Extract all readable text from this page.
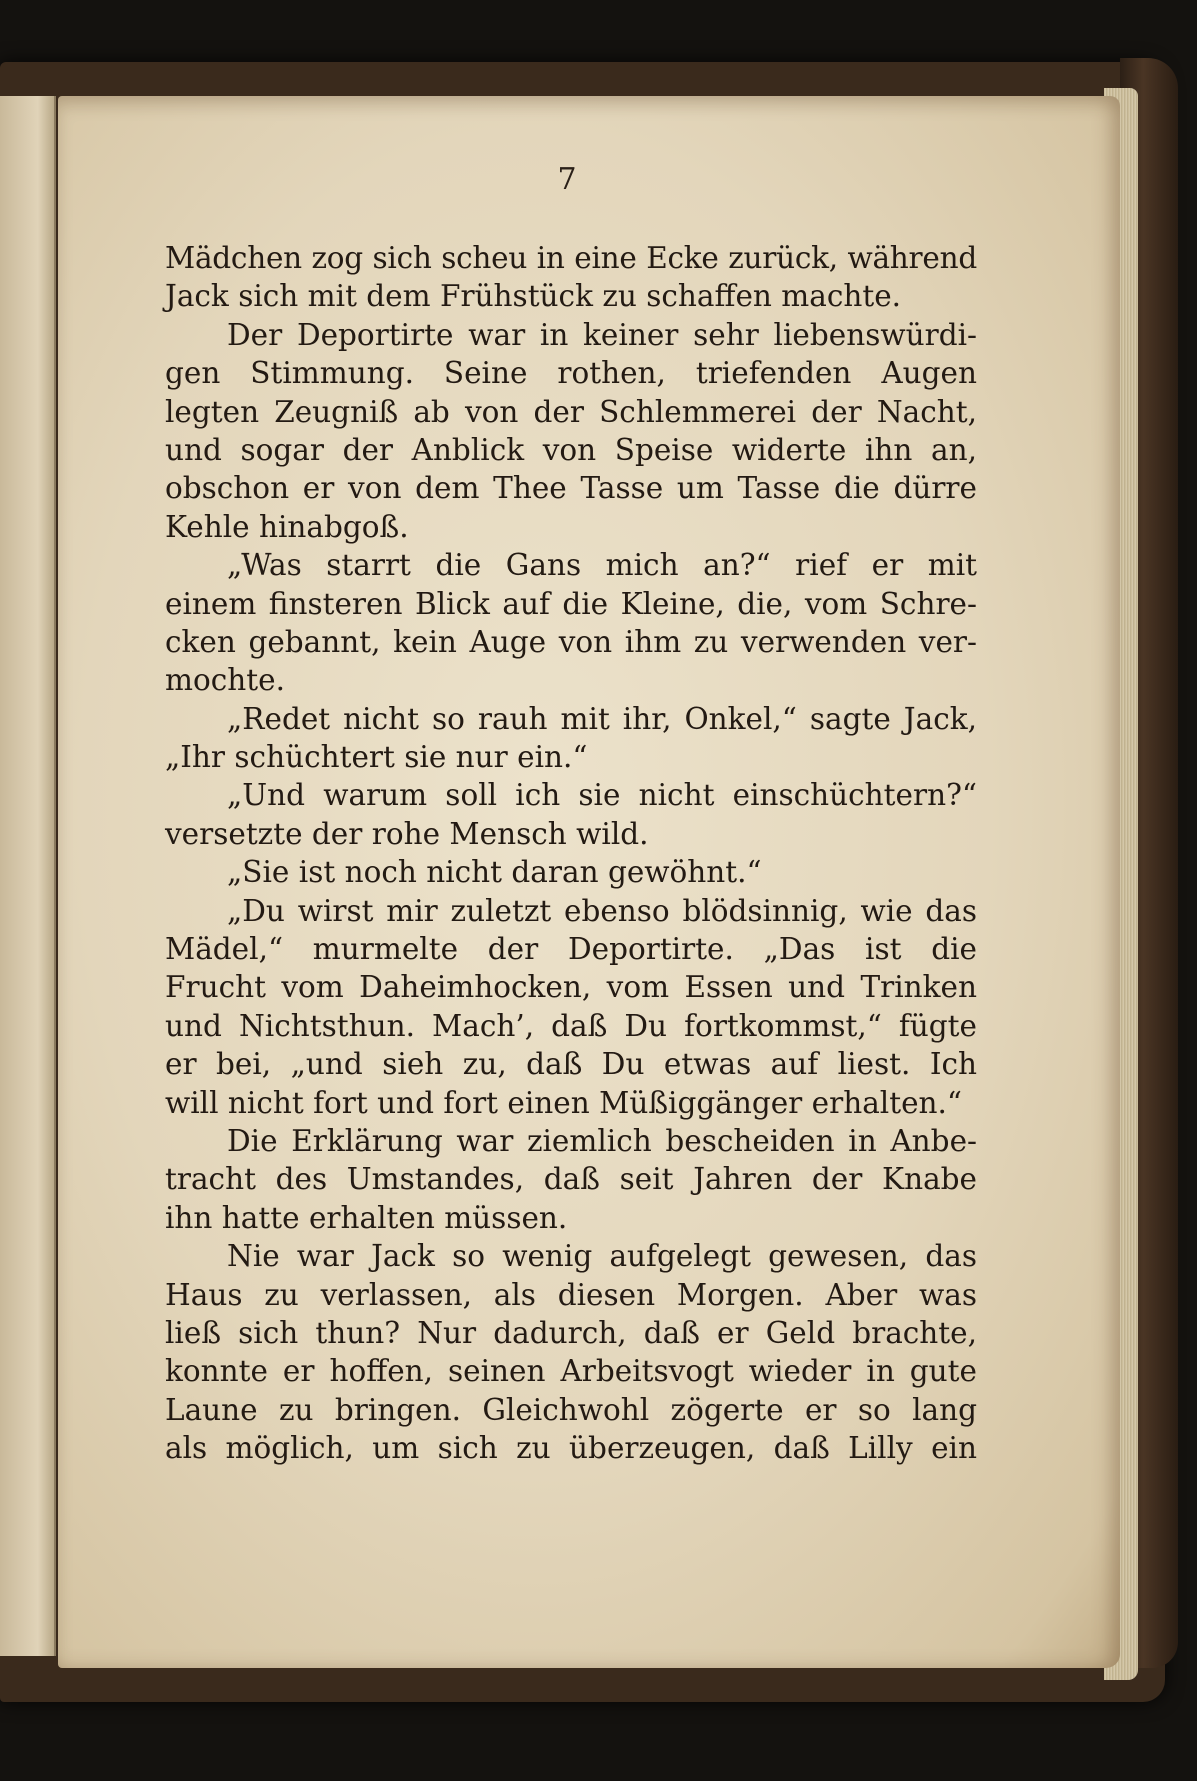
7
Mädchen zog sich scheu in eine Ecke zurück, während
Jack sich mit dem Frühstück zu schaffen machte.
Der Deportirte war in keiner sehr liebenswürdi-
gen Stimmung. Seine rothen, triefenden Augen
legten Zeugniß ab von der Schlemmerei der Nacht,
und sogar der Anblick von Speise widerte ihn an,
obschon er von dem Thee Tasse um Tasse die dürre
Kehle hinabgoß.
„Was starrt die Gans mich an?“ rief er mit
einem finsteren Blick auf die Kleine, die, vom Schre-
cken gebannt, kein Auge von ihm zu verwenden ver-
mochte.
„Redet nicht so rauh mit ihr, Onkel,“ sagte Jack,
„Ihr schüchtert sie nur ein.“
„Und warum soll ich sie nicht einschüchtern?“
versetzte der rohe Mensch wild.
„Sie ist noch nicht daran gewöhnt.“
„Du wirst mir zuletzt ebenso blödsinnig, wie das
Mädel,“ murmelte der Deportirte. „Das ist die
Frucht vom Daheimhocken, vom Essen und Trinken
und Nichtsthun. Mach’, daß Du fortkommst,“ fügte
er bei, „und sieh zu, daß Du etwas auf liest. Ich
will nicht fort und fort einen Müßiggänger erhalten.“
Die Erklärung war ziemlich bescheiden in Anbe-
tracht des Umstandes, daß seit Jahren der Knabe
ihn hatte erhalten müssen.
Nie war Jack so wenig aufgelegt gewesen, das
Haus zu verlassen, als diesen Morgen. Aber was
ließ sich thun? Nur dadurch, daß er Geld brachte,
konnte er hoffen, seinen Arbeitsvogt wieder in gute
Laune zu bringen. Gleichwohl zögerte er so lang
als möglich, um sich zu überzeugen, daß Lilly ein
